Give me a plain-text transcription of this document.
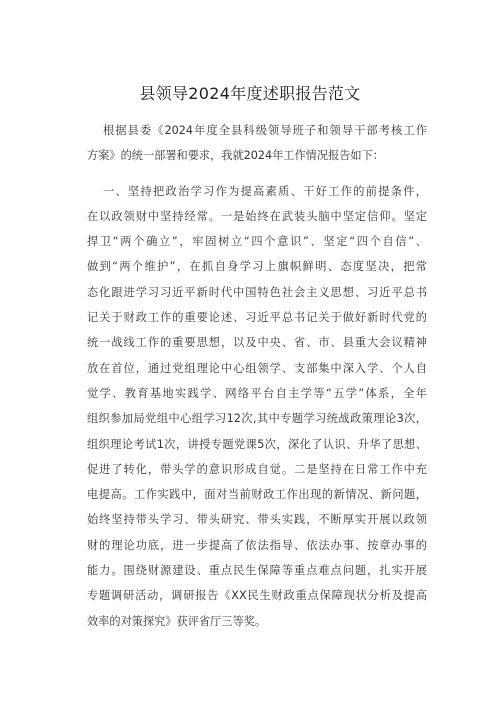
县领导2024年度述职报告范文
根据县委《2024年度全县科级领导班子和领导干部考核工作
方案》的统一部署和要求，我就2024年工作情况报告如下：
一、坚持把政治学习作为提高素质、干好工作的前提条件，
在以政领财中坚持经常。一是始终在武装头脑中坚定信仰。坚定
捍卫“两个确立”，牢固树立“四个意识”、坚定“四个自信”、
做到“两个维护”，在抓自身学习上旗帜鲜明、态度坚决，把常
态化跟进学习习近平新时代中国特色社会主义思想、习近平总书
记关于财政工作的重要论述、习近平总书记关于做好新时代党的
统一战线工作的重要思想，以及中央、省、市、县重大会议精神
放在首位，通过党组理论中心组领学、支部集中深入学、个人自
觉学、教育基地实践学、网络平台自主学等“五学”体系，全年
组织参加局党组中心组学习12次,其中专题学习统战政策理论3次，
组织理论考试1次，讲授专题党课5次，深化了认识、升华了思想、
促进了转化，带头学的意识形成自觉。二是坚持在日常工作中充
电提高。工作实践中，面对当前财政工作出现的新情况、新问题，
始终坚持带头学习、带头研究、带头实践，不断厚实开展以政领
财的理论功底，进一步提高了依法指导、依法办事、按章办事的
能力。围绕财源建设、重点民生保障等重点难点问题，扎实开展
专题调研活动，调研报告《XX民生财政重点保障现状分析及提高
效率的对策探究》获评省厅三等奖。
